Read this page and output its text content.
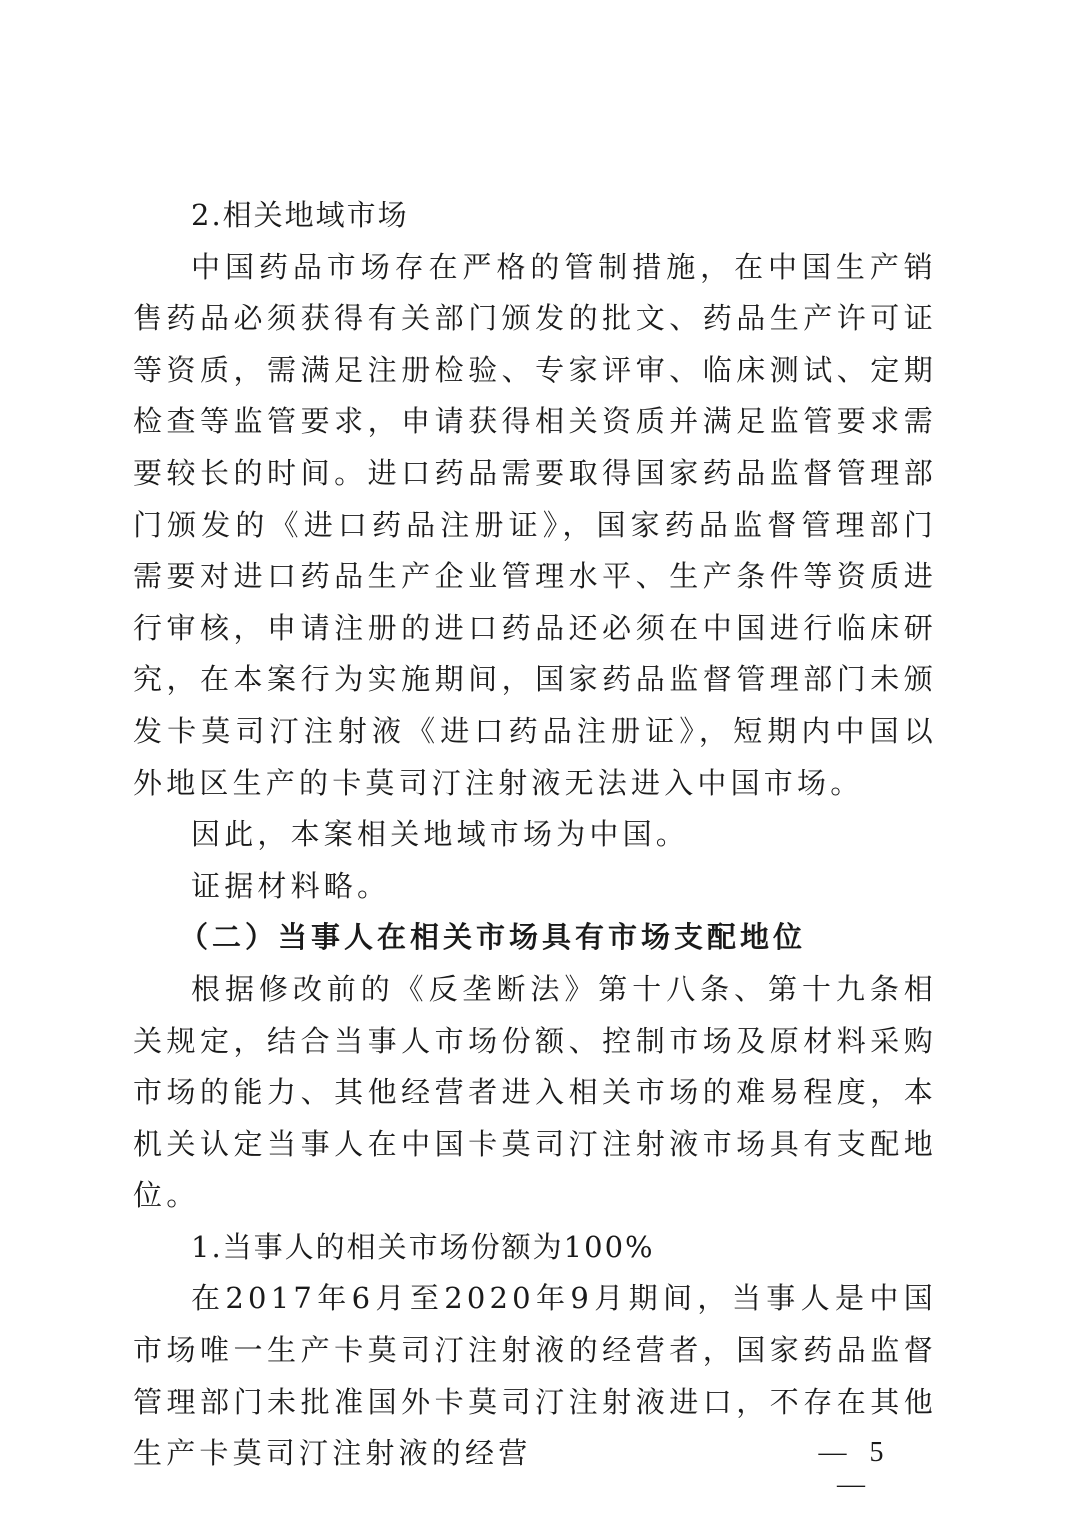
2.相关地域市场

中国药品市场存在严格的管制措施，在中国生产销售药品必须获得有关部门颁发的批文、药品生产许可证等资质，需满足注册检验、专家评审、临床测试、定期检查等监管要求，申请获得相关资质并满足监管要求需要较长的时间。进口药品需要取得国家药品监督管理部门颁发的《进口药品注册证》，国家药品监督管理部门需要对进口药品生产企业管理水平、生产条件等资质进行审核，申请注册的进口药品还必须在中国进行临床研究，在本案行为实施期间，国家药品监督管理部门未颁发卡莫司汀注射液《进口药品注册证》，短期内中国以外地区生产的卡莫司汀注射液无法进入中国市场。

因此，本案相关地域市场为中国。

证据材料略。

（二）当事人在相关市场具有市场支配地位

根据修改前的《反垄断法》第十八条、第十九条相关规定，结合当事人市场份额、控制市场及原材料采购市场的能力、其他经营者进入相关市场的难易程度，本机关认定当事人在中国卡莫司汀注射液市场具有支配地位。

1.当事人的相关市场份额为100%

在2017年6月至2020年9月期间，当事人是中国市场唯一生产卡莫司汀注射液的经营者，国家药品监督管理部门未批准国外卡莫司汀注射液进口，不存在其他生产卡莫司汀注射液的经营	— 5 —
